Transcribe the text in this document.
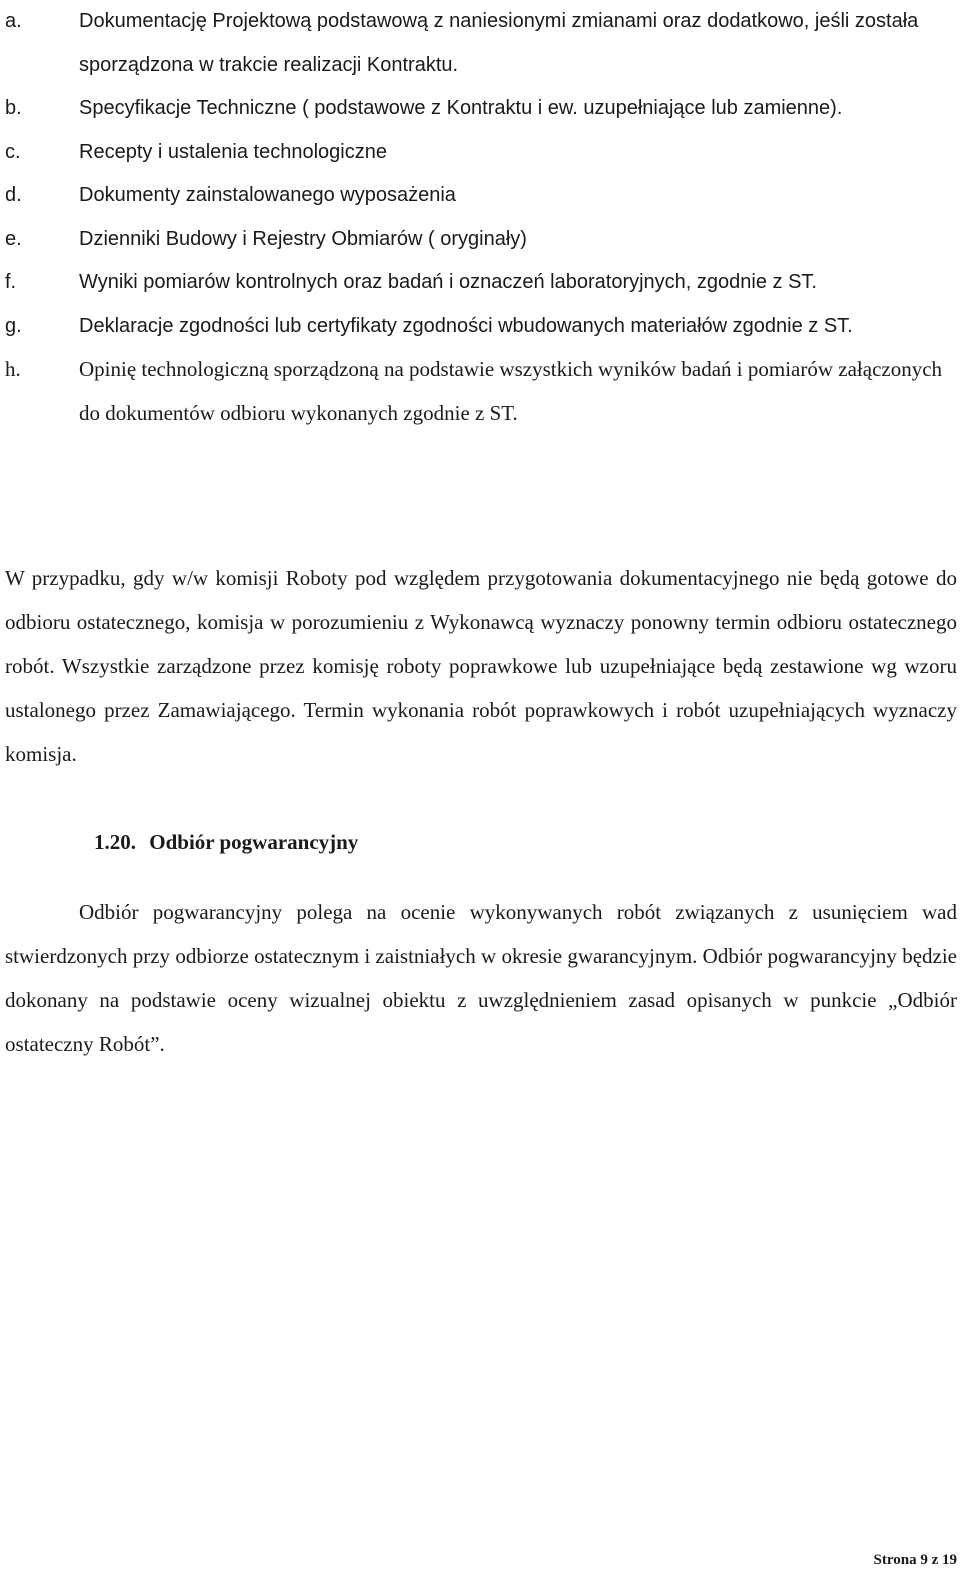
a.	Dokumentację Projektową podstawową z naniesionymi zmianami oraz dodatkowo, jeśli została sporządzona w trakcie realizacji Kontraktu.
b.	Specyfikacje Techniczne ( podstawowe z Kontraktu i ew. uzupełniające lub zamienne).
c.	Recepty i ustalenia technologiczne
d.	Dokumenty zainstalowanego wyposażenia
e.	Dzienniki Budowy i Rejestry Obmiarów ( oryginały)
f.	Wyniki pomiarów kontrolnych oraz badań i oznaczeń laboratoryjnych, zgodnie z ST.
g.	Deklaracje zgodności lub certyfikaty zgodności wbudowanych materiałów zgodnie z ST.
h.	Opinię technologiczną sporządzoną na podstawie wszystkich wyników badań i pomiarów załączonych do dokumentów odbioru wykonanych zgodnie z ST.

W przypadku, gdy w/w komisji Roboty pod względem przygotowania dokumentacyjnego nie będą gotowe do odbioru ostatecznego, komisja w porozumieniu z Wykonawcą wyznaczy ponowny termin odbioru ostatecznego robót. Wszystkie zarządzone przez komisję roboty poprawkowe lub uzupełniające będą zestawione wg wzoru ustalonego przez Zamawiającego. Termin wykonania robót poprawkowych i robót uzupełniających wyznaczy komisja.

1.20. Odbiór pogwarancyjny

Odbiór pogwarancyjny polega na ocenie wykonywanych robót związanych z usunięciem wad stwierdzonych przy odbiorze ostatecznym i zaistniałych w okresie gwarancyjnym. Odbiór pogwarancyjny będzie dokonany na podstawie oceny wizualnej obiektu z uwzględnieniem zasad opisanych w punkcie „Odbiór ostateczny Robót”.

Strona 9 z 19
